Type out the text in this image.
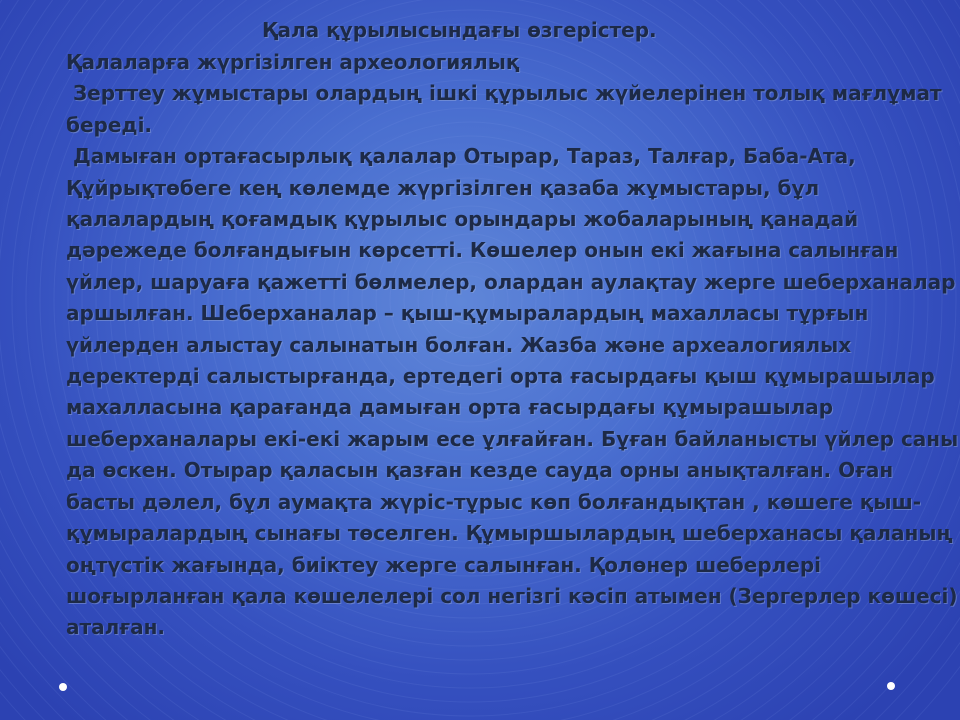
Қала құрылысындағы өзгерістер.

Қалаларға жүргізілген археологиялық

Зерттеу жұмыстары олардың ішкі құрылыс жүйелерінен толық мағлұмат

береді.

Дамыған ортағасырлық қалалар Отырар, Тараз, Талғар, Баба-Ата,

Құйрықтөбеге кең көлемде жүргізілген қазаба жұмыстары, бұл

қалалардың қоғамдық құрылыс орындары жобаларының қанадай

дәрежеде болғандығын көрсетті. Көшелер онын екі жағына салынған

үйлер, шаруаға қажетті бөлмелер, олардан аулақтау жерге шеберханалар

аршылған. Шеберханалар – қыш-құмыралардың махалласы тұрғын

үйлерден алыстау салынатын болған. Жазба және археалогиялых

деректерді салыстырғанда, ертедегі орта ғасырдағы қыш құмырашылар

махалласына қарағанда дамыған орта ғасырдағы құмырашылар

шеберханалары екі-екі жарым есе ұлғайған. Бұған байланысты үйлер саны

да өскен. Отырар қаласын қазған кезде сауда орны анықталған. Оған

басты дәлел, бұл аумақта жүріс-тұрыс көп болғандықтан , көшеге қыш-

құмыралардың сынағы төселген. Құмыршылардың шеберханасы қаланың

оңтүстік жағында, биіктеу жерге салынған. Қолөнер шеберлері

шоғырланған қала көшелелері сол негізгі кәсіп атымен (Зергерлер көшесі)

аталған.
